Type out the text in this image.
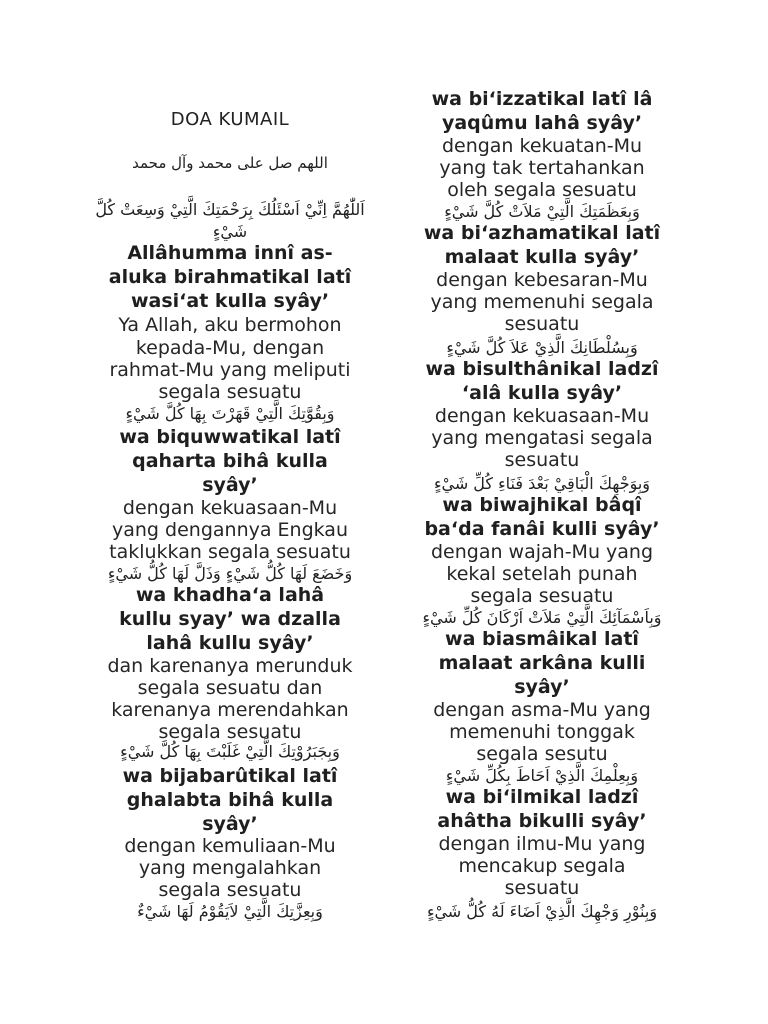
DOA KUMAIL
اللهم صل على محمد وآل محمد
اَللّٰهُمَّ اِنِّيْ اَسْئَلُكَ بِرَحْمَتِكَ الَّتِيْ وَسِعَتْ كُلَّ
شَيْءٍ
Allâhumma innî as-
aluka birahmatikal latî
wasi‘at kulla syây’
Ya Allah, aku bermohon
kepada-Mu, dengan
rahmat-Mu yang meliputi
segala sesuatu
وَبِقُوَّتِكَ الَّتِيْ قَهَرْتَ بِهَا كُلَّ شَيْءٍ
wa biquwwatikal latî
qaharta bihâ kulla
syây’
dengan kekuasaan-Mu
yang dengannya Engkau
taklukkan segala sesuatu
وَخَضَعَ لَهَا كُلُّ شَيْءٍ وَذَلَّ لَهَا كُلُّ شَيْءٍ
wa khadha‘a lahâ
kullu syay’ wa dzalla
lahâ kullu syây’
dan karenanya merunduk
segala sesuatu dan
karenanya merendahkan
segala sesuatu
وَبِجَبَرُوْتِكَ الَّتِيْ غَلَبْتَ بِهَا كُلَّ شَيْءٍ
wa bijabarûtikal latî
ghalabta bihâ kulla
syây’
dengan kemuliaan-Mu
yang mengalahkan
segala sesuatu
وَبِعِزَّتِكَ الَّتِيْ لاَيَقُوْمُ لَهَا شَيْءٌ
wa bi‘izzatikal latî lâ
yaqûmu lahâ syây’
dengan kekuatan-Mu
yang tak tertahankan
oleh segala sesuatu
وَبِعَظَمَتِكَ الَّتِيْ مَلاَتْ كُلَّ شَيْءٍ
wa bi‘azhamatikal latî
malaat kulla syây’
dengan kebesaran-Mu
yang memenuhi segala
sesuatu
وَبِسُلْطَانِكَ الَّذِيْ عَلاَ كُلَّ شَيْءٍ
wa bisulthânikal ladzî
‘alâ kulla syây’
dengan kekuasaan-Mu
yang mengatasi segala
sesuatu
وَبِوَجْهِكَ الْبَاقِيْ بَعْدَ فَنَاءِ كُلِّ شَيْءٍ
wa biwajhikal bâqî
ba‘da fanâi kulli syây’
dengan wajah-Mu yang
kekal setelah punah
segala sesuatu
وَبِاَسْمَآئِكَ الَّتِيْ مَلاَتْ اَرْكَانَ كُلِّ شَيْءٍ
wa biasmâikal latî
malaat arkâna kulli
syây’
dengan asma-Mu yang
memenuhi tonggak
segala sesutu
وَبِعِلْمِكَ الَّذِيْ اَحَاطَ بِكُلِّ شَيْءٍ
wa bi‘ilmikal ladzî
ahâtha bikulli syây’
dengan ilmu-Mu yang
mencakup segala
sesuatu
وَبِنُوْرِ وَجْهِكَ الَّذِيْ اَضَاءَ لَهُ كُلُّ شَيْءٍ
